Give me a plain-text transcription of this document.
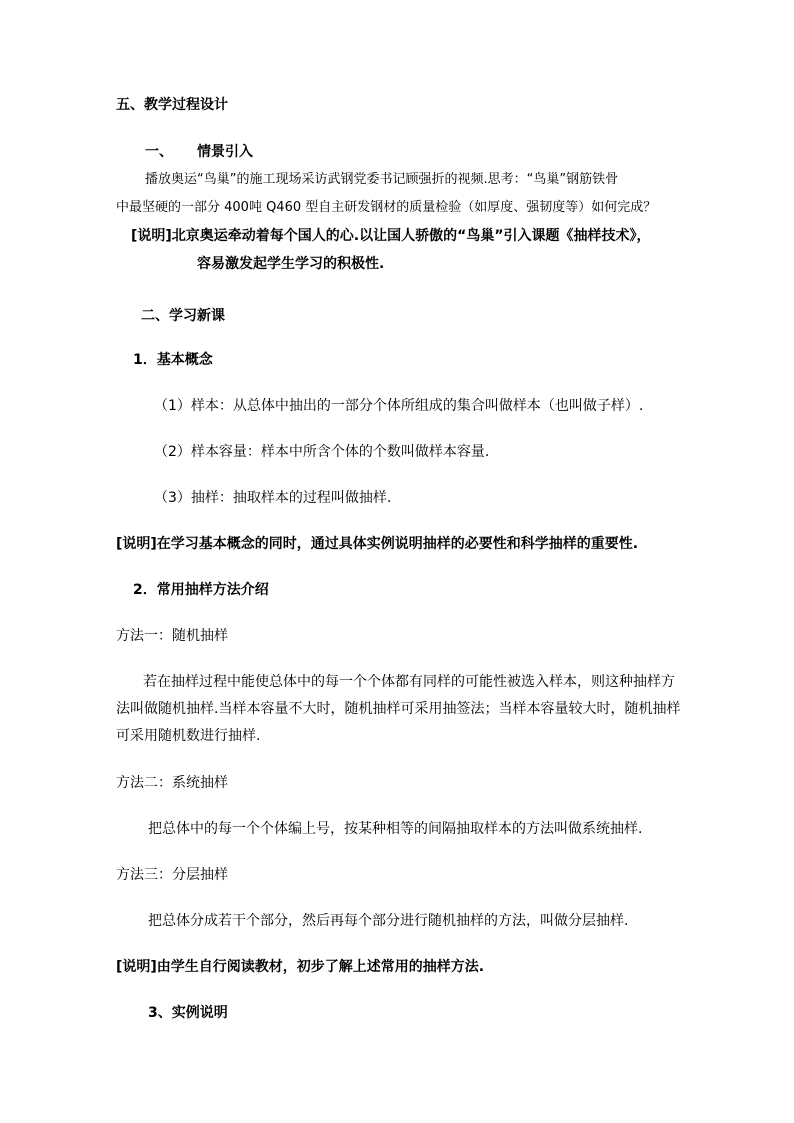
五、教学过程设计
一、 情景引入
播放奥运“鸟巢”的施工现场采访武钢党委书记顾强折的视频.思考：“鸟巢”钢筋铁骨
中最坚硬的一部分 400吨 Q460 型自主研发钢材的质量检验（如厚度、强韧度等）如何完成？
[说明]北京奥运牵动着每个国人的心.以让国人骄傲的“鸟巢”引入课题《抽样技术》，
容易激发起学生学习的积极性.
二、学习新课
1．基本概念
（1）样本：从总体中抽出的一部分个体所组成的集合叫做样本（也叫做子样）.
（2）样本容量：样本中所含个体的个数叫做样本容量.
（3）抽样：抽取样本的过程叫做抽样.
[说明]在学习基本概念的同时，通过具体实例说明抽样的必要性和科学抽样的重要性.
2．常用抽样方法介绍
方法一：随机抽样
若在抽样过程中能使总体中的每一个个体都有同样的可能性被选入样本，则这种抽样方
法叫做随机抽样.当样本容量不大时，随机抽样可采用抽签法；当样本容量较大时，随机抽样
可采用随机数进行抽样.
方法二：系统抽样
把总体中的每一个个体编上号，按某种相等的间隔抽取样本的方法叫做系统抽样.
方法三：分层抽样
把总体分成若干个部分，然后再每个部分进行随机抽样的方法，叫做分层抽样.
[说明]由学生自行阅读教材，初步了解上述常用的抽样方法.
3、实例说明
